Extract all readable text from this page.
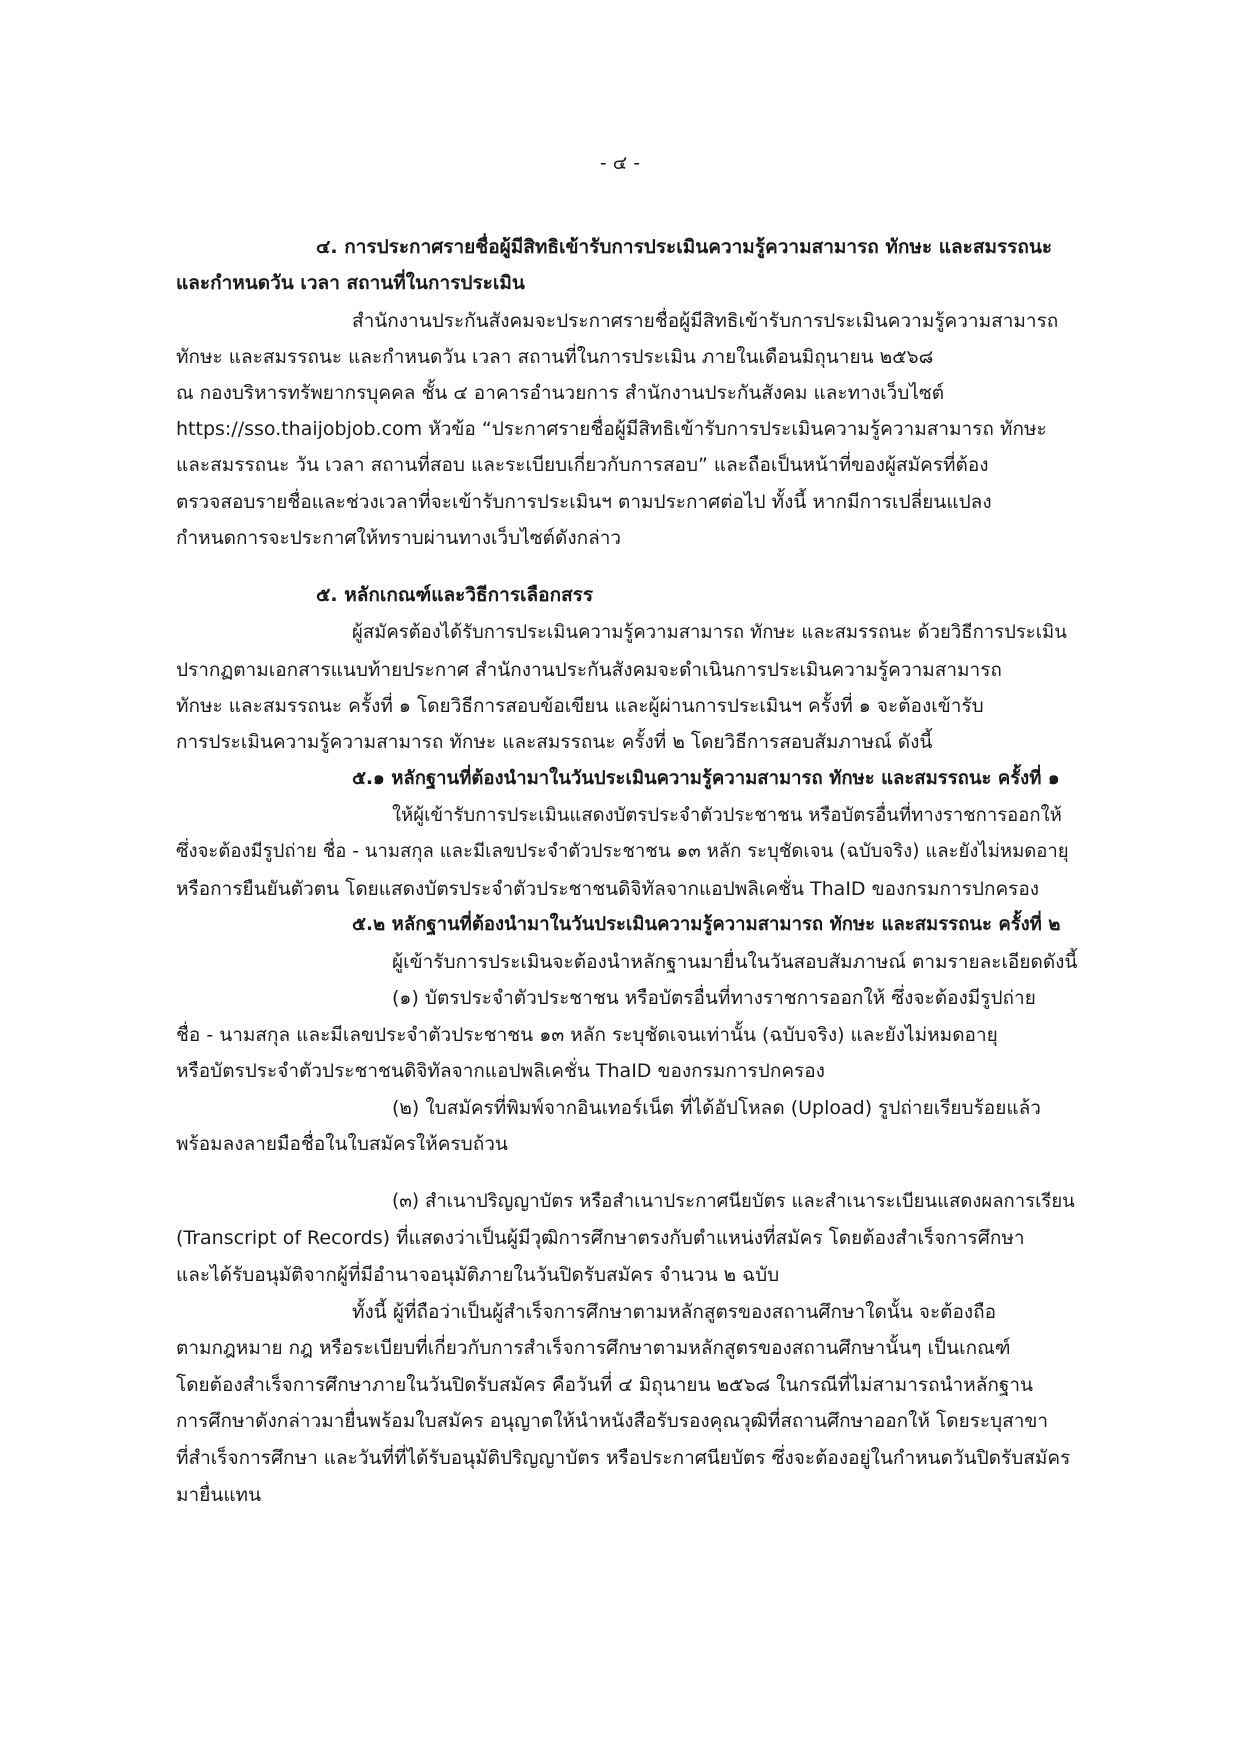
- ๔ -
๔. การประกาศรายชื่อผู้มีสิทธิเข้ารับการประเมินความรู้ความสามารถ ทักษะ และสมรรถนะ
และกำหนดวัน เวลา สถานที่ในการประเมิน
สำนักงานประกันสังคมจะประกาศรายชื่อผู้มีสิทธิเข้ารับการประเมินความรู้ความสามารถ
ทักษะ และสมรรถนะ และกำหนดวัน เวลา สถานที่ในการประเมิน ภายในเดือนมิถุนายน ๒๕๖๘
ณ กองบริหารทรัพยากรบุคคล ชั้น ๔ อาคารอำนวยการ สำนักงานประกันสังคม และทางเว็บไซต์
https://sso.thaijobjob.com หัวข้อ “ประกาศรายชื่อผู้มีสิทธิเข้ารับการประเมินความรู้ความสามารถ ทักษะ
และสมรรถนะ วัน เวลา สถานที่สอบ และระเบียบเกี่ยวกับการสอบ” และถือเป็นหน้าที่ของผู้สมัครที่ต้อง
ตรวจสอบรายชื่อและช่วงเวลาที่จะเข้ารับการประเมินฯ ตามประกาศต่อไป ทั้งนี้ หากมีการเปลี่ยนแปลง
กำหนดการจะประกาศให้ทราบผ่านทางเว็บไซต์ดังกล่าว
๕. หลักเกณฑ์และวิธีการเลือกสรร
ผู้สมัครต้องได้รับการประเมินความรู้ความสามารถ ทักษะ และสมรรถนะ ด้วยวิธีการประเมิน
ปรากฏตามเอกสารแนบท้ายประกาศ สำนักงานประกันสังคมจะดำเนินการประเมินความรู้ความสามารถ
ทักษะ และสมรรถนะ ครั้งที่ ๑ โดยวิธีการสอบข้อเขียน และผู้ผ่านการประเมินฯ ครั้งที่ ๑ จะต้องเข้ารับ
การประเมินความรู้ความสามารถ ทักษะ และสมรรถนะ ครั้งที่ ๒ โดยวิธีการสอบสัมภาษณ์ ดังนี้
๕.๑ หลักฐานที่ต้องนำมาในวันประเมินความรู้ความสามารถ ทักษะ และสมรรถนะ ครั้งที่ ๑
ให้ผู้เข้ารับการประเมินแสดงบัตรประจำตัวประชาชน หรือบัตรอื่นที่ทางราชการออกให้
ซึ่งจะต้องมีรูปถ่าย ชื่อ - นามสกุล และมีเลขประจำตัวประชาชน ๑๓ หลัก ระบุชัดเจน (ฉบับจริง) และยังไม่หมดอายุ
หรือการยืนยันตัวตน โดยแสดงบัตรประจำตัวประชาชนดิจิทัลจากแอปพลิเคชั่น ThaID ของกรมการปกครอง
๕.๒ หลักฐานที่ต้องนำมาในวันประเมินความรู้ความสามารถ ทักษะ และสมรรถนะ ครั้งที่ ๒
ผู้เข้ารับการประเมินจะต้องนำหลักฐานมายื่นในวันสอบสัมภาษณ์ ตามรายละเอียดดังนี้
(๑) บัตรประจำตัวประชาชน หรือบัตรอื่นที่ทางราชการออกให้ ซึ่งจะต้องมีรูปถ่าย
ชื่อ - นามสกุล และมีเลขประจำตัวประชาชน ๑๓ หลัก ระบุชัดเจนเท่านั้น (ฉบับจริง) และยังไม่หมดอายุ
หรือบัตรประจำตัวประชาชนดิจิทัลจากแอปพลิเคชั่น ThaID ของกรมการปกครอง
(๒) ใบสมัครที่พิมพ์จากอินเทอร์เน็ต ที่ได้อัปโหลด (Upload) รูปถ่ายเรียบร้อยแล้ว
พร้อมลงลายมือชื่อในใบสมัครให้ครบถ้วน
(๓) สำเนาปริญญาบัตร หรือสำเนาประกาศนียบัตร และสำเนาระเบียนแสดงผลการเรียน
(Transcript of Records) ที่แสดงว่าเป็นผู้มีวุฒิการศึกษาตรงกับตำแหน่งที่สมัคร โดยต้องสำเร็จการศึกษา
และได้รับอนุมัติจากผู้ที่มีอำนาจอนุมัติภายในวันปิดรับสมัคร จำนวน ๒ ฉบับ
ทั้งนี้ ผู้ที่ถือว่าเป็นผู้สำเร็จการศึกษาตามหลักสูตรของสถานศึกษาใดนั้น จะต้องถือ
ตามกฎหมาย กฎ หรือระเบียบที่เกี่ยวกับการสำเร็จการศึกษาตามหลักสูตรของสถานศึกษานั้นๆ เป็นเกณฑ์
โดยต้องสำเร็จการศึกษาภายในวันปิดรับสมัคร คือวันที่ ๔ มิถุนายน ๒๕๖๘ ในกรณีที่ไม่สามารถนำหลักฐาน
การศึกษาดังกล่าวมายื่นพร้อมใบสมัคร อนุญาตให้นำหนังสือรับรองคุณวุฒิที่สถานศึกษาออกให้ โดยระบุสาขา
ที่สำเร็จการศึกษา และวันที่ที่ได้รับอนุมัติปริญญาบัตร หรือประกาศนียบัตร ซึ่งจะต้องอยู่ในกำหนดวันปิดรับสมัคร
มายื่นแทน
